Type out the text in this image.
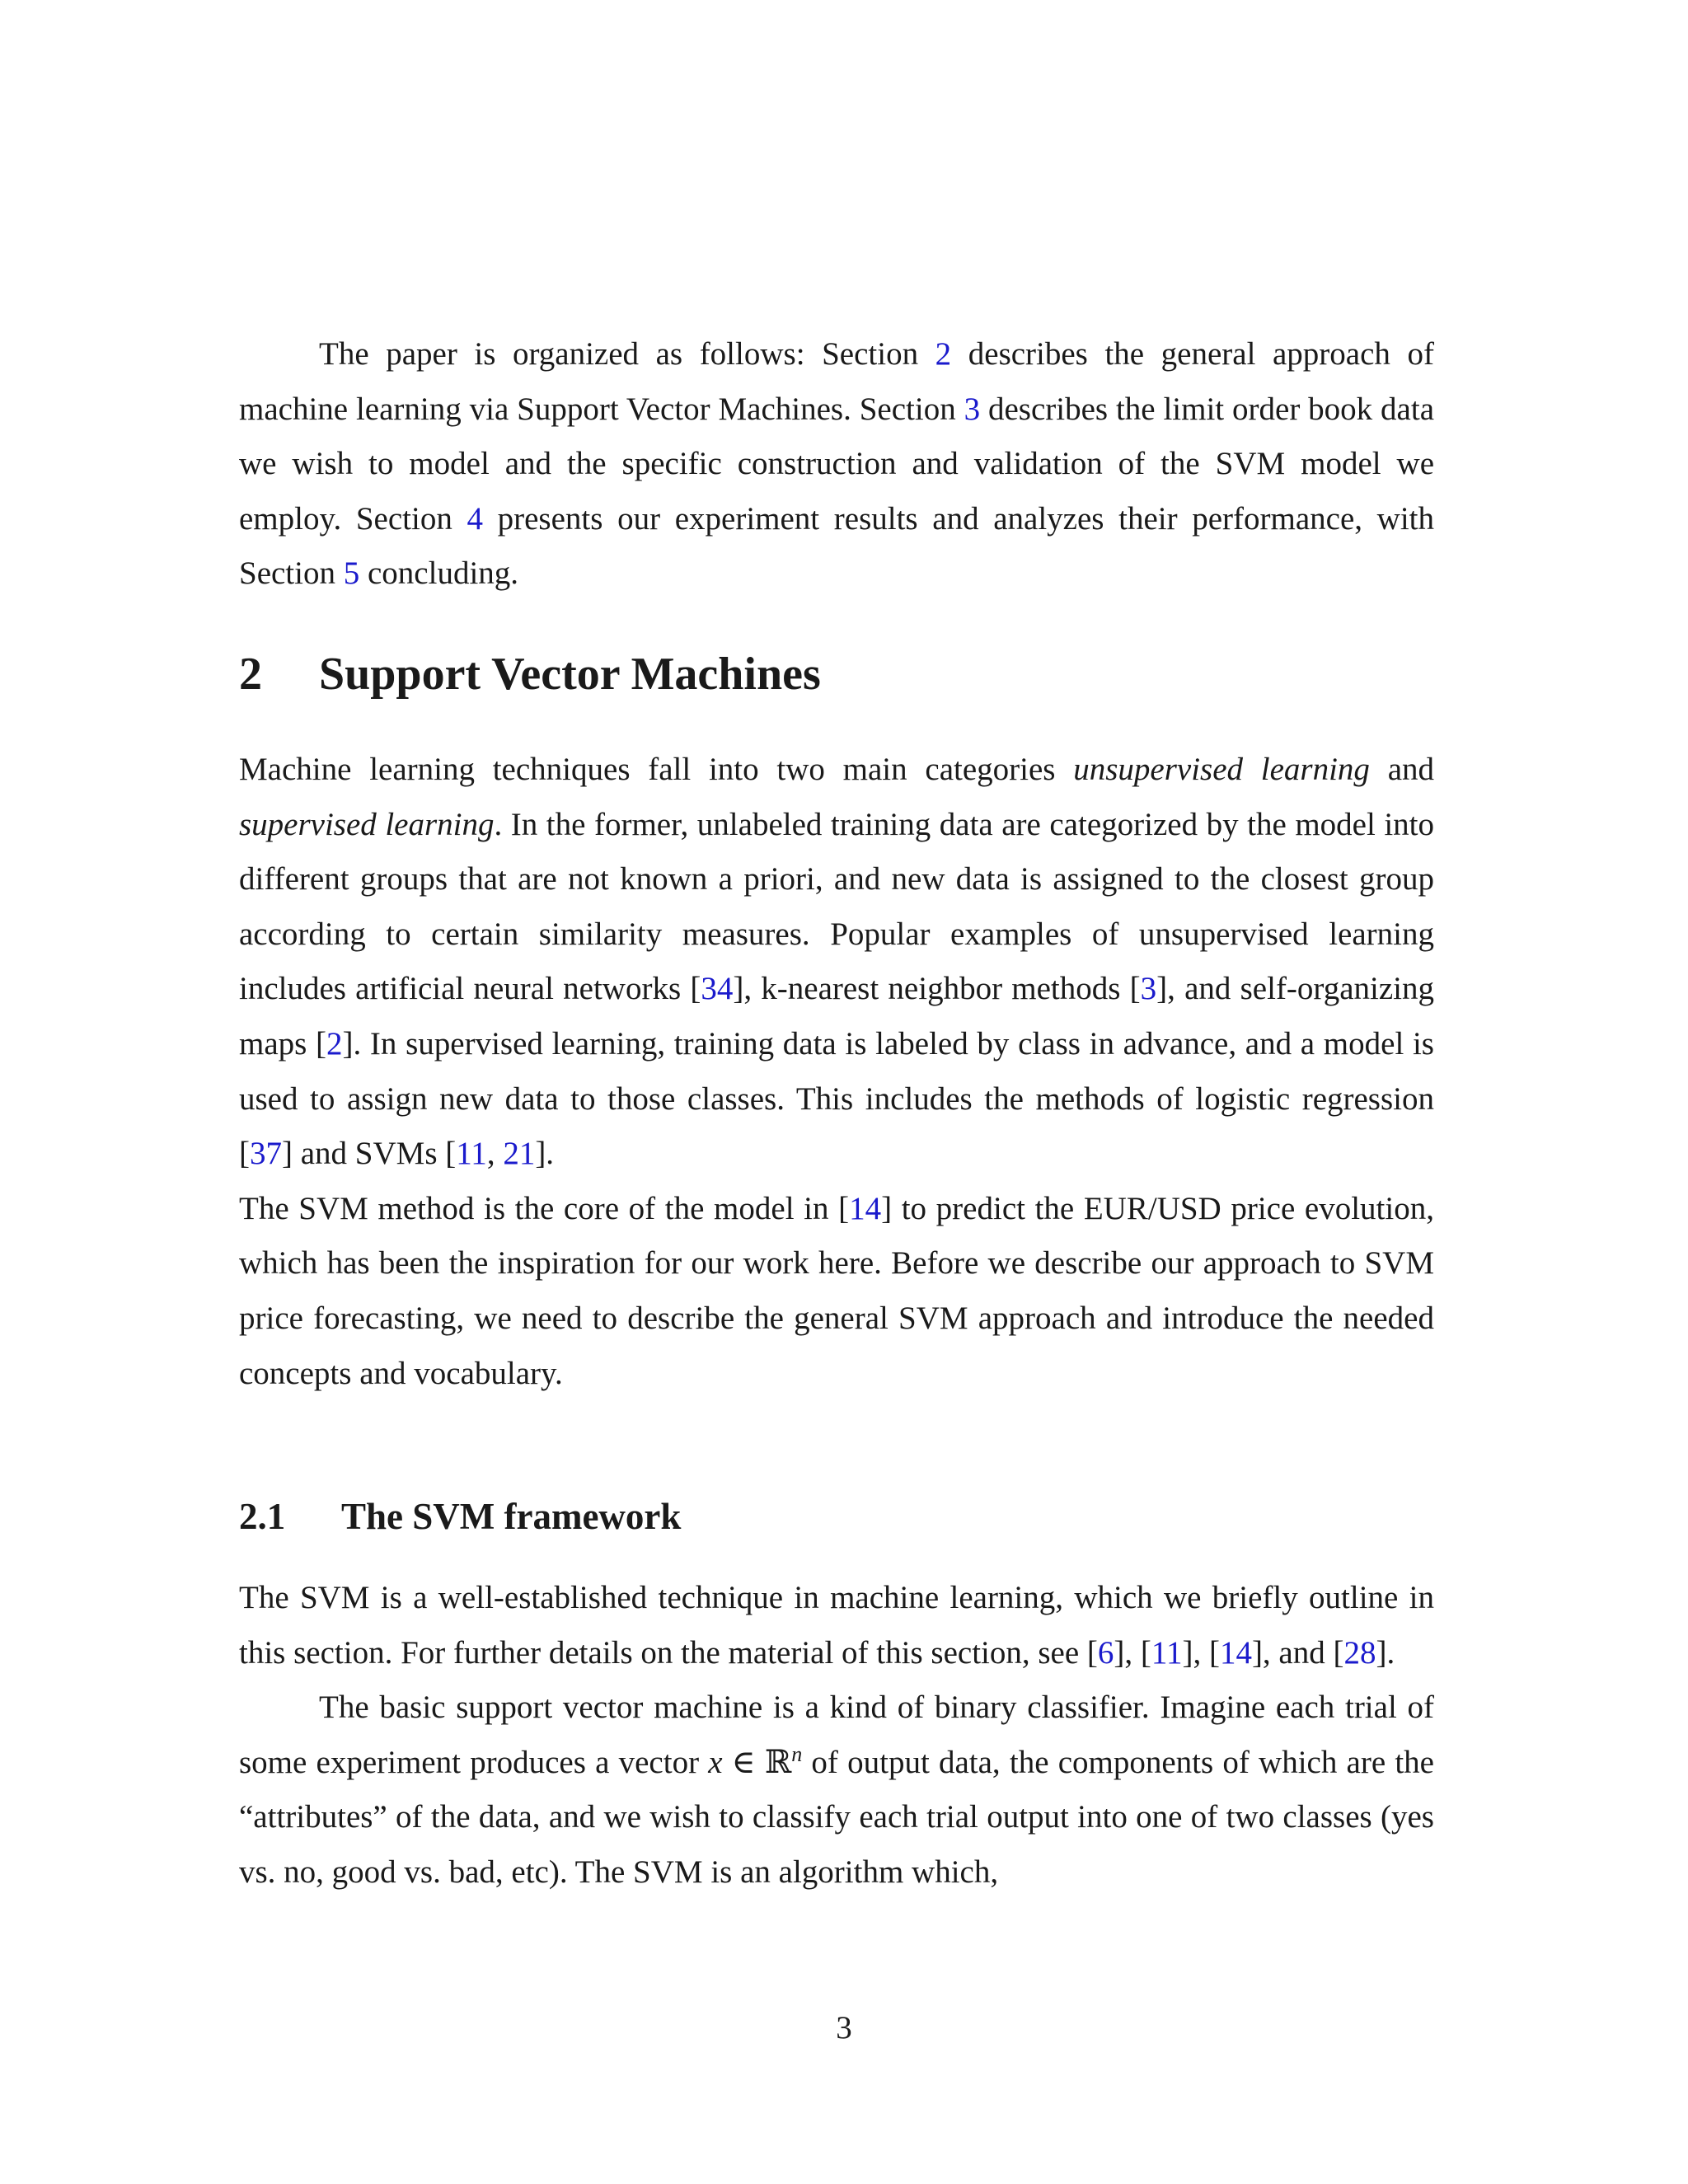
The paper is organized as follows: Section 2 describes the general approach of machine learning via Support Vector Machines. Section 3 describes the limit order book data we wish to model and the specific construction and validation of the SVM model we employ. Section 4 presents our experiment results and analyzes their performance, with Section 5 concluding.

2 Support Vector Machines

Machine learning techniques fall into two main categories unsupervised learning and supervised learning. In the former, unlabeled training data are categorized by the model into different groups that are not known a priori, and new data is assigned to the closest group according to certain similarity measures. Popular examples of unsupervised learning includes artificial neural networks [34], k-nearest neighbor methods [3], and self-organizing maps [2]. In supervised learning, training data is labeled by class in advance, and a model is used to assign new data to those classes. This includes the methods of logistic regression [37] and SVMs [11, 21].

The SVM method is the core of the model in [14] to predict the EUR/USD price evolution, which has been the inspiration for our work here. Before we describe our approach to SVM price forecasting, we need to describe the general SVM approach and introduce the needed concepts and vocabulary.

2.1 The SVM framework

The SVM is a well-established technique in machine learning, which we briefly outline in this section. For further details on the material of this section, see [6], [11], [14], and [28].

The basic support vector machine is a kind of binary classifier. Imagine each trial of some experiment produces a vector x ∈ ℝ$^n$ of output data, the components of which are the “attributes” of the data, and we wish to classify each trial output into one of two classes (yes vs. no, good vs. bad, etc). The SVM is an algorithm which,

3
